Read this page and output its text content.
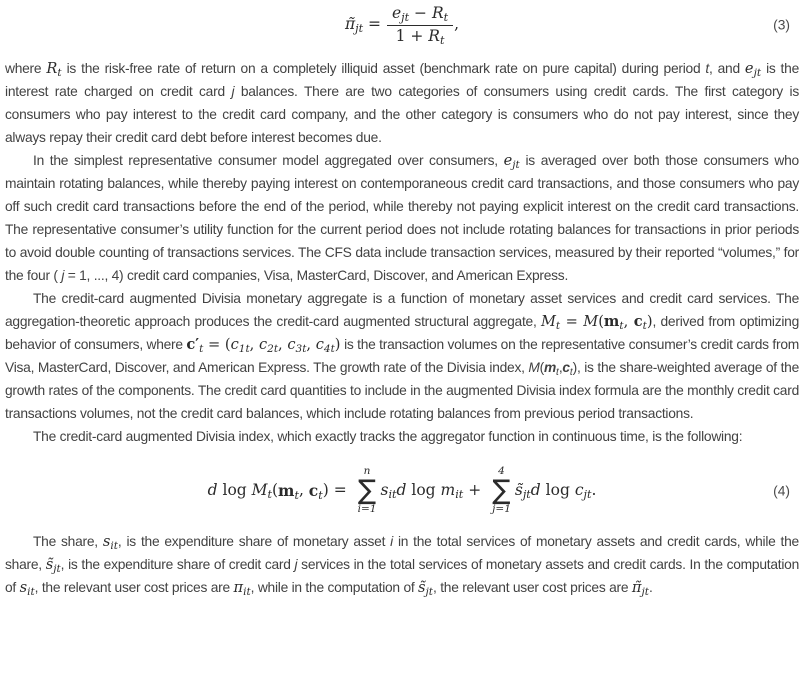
$\pĩ_{jt} = \frac{e_{jt} - R_t}{1 + R_t}$ ,	(3)

where $R_t$ is the risk-free rate of return on a completely illiquid asset (benchmark rate on pure capital) during period t, and $e_{jt}$ is the interest rate charged on credit card j balances. There are two categories of consumers using credit cards. The first category is consumers who pay interest to the credit card company, and the other category is consumers who do not pay interest, since they always repay their credit card debt before interest becomes due.

In the simplest representative consumer model aggregated over consumers, $e_{jt}$ is averaged over both those consumers who maintain rotating balances, while thereby paying interest on contemporaneous credit card transactions, and those consumers who pay off such credit card transactions before the end of the period, while thereby not paying explicit interest on the credit card transactions. The representative consumer’s utility function for the current period does not include rotating balances for transactions in prior periods to avoid double counting of transactions services. The CFS data include transaction services, measured by their reported “volumes,” for the four ( j = 1, ..., 4) credit card companies, Visa, MasterCard, Discover, and American Express.

The credit-card augmented Divisia monetary aggregate is a function of monetary asset services and credit card services. The aggregation-theoretic approach produces the credit-card augmented structural aggregate, $M_t = M(m_t$, $c_t$), derived from optimizing behavior of consumers, where $c'_t = (c_{1t}$, $c_{2t}$, $c_{3t}$, $c_{4t}$) is the transaction volumes on the representative consumer’s credit cards from Visa, MasterCard, Discover, and American Express. The growth rate of the Divisia index, $M(m_t,c_t)$, is the share-weighted average of the growth rates of the components. The credit card quantities to include in the augmented Divisia index formula are the monthly credit card transactions volumes, not the credit card balances, which include rotating balances from previous period transactions.

The credit-card augmented Divisia index, which exactly tracks the aggregator function in continuous time, is the following:

d $\log M_t$ ( $m_t$ , $c_t$ ) =
n
∑
i=1
$s_{it}$ d $\log m_{it}$ +
4
∑
j=1
$s̃_{jt}$ d $\log c_{jt}$ .	(4)

The share, $s_{it}$, is the expenditure share of monetary asset i in the total services of monetary assets and credit cards, while the share, $s̃_{jt}$, is the expenditure share of credit card j services in the total services of monetary assets and credit cards. In the computation of $s_{it}$, the relevant user cost prices are $\pi_{it}$, while in the computation of $s̃_{jt}$, the relevant user cost prices are $\pĩ_{jt}$.
